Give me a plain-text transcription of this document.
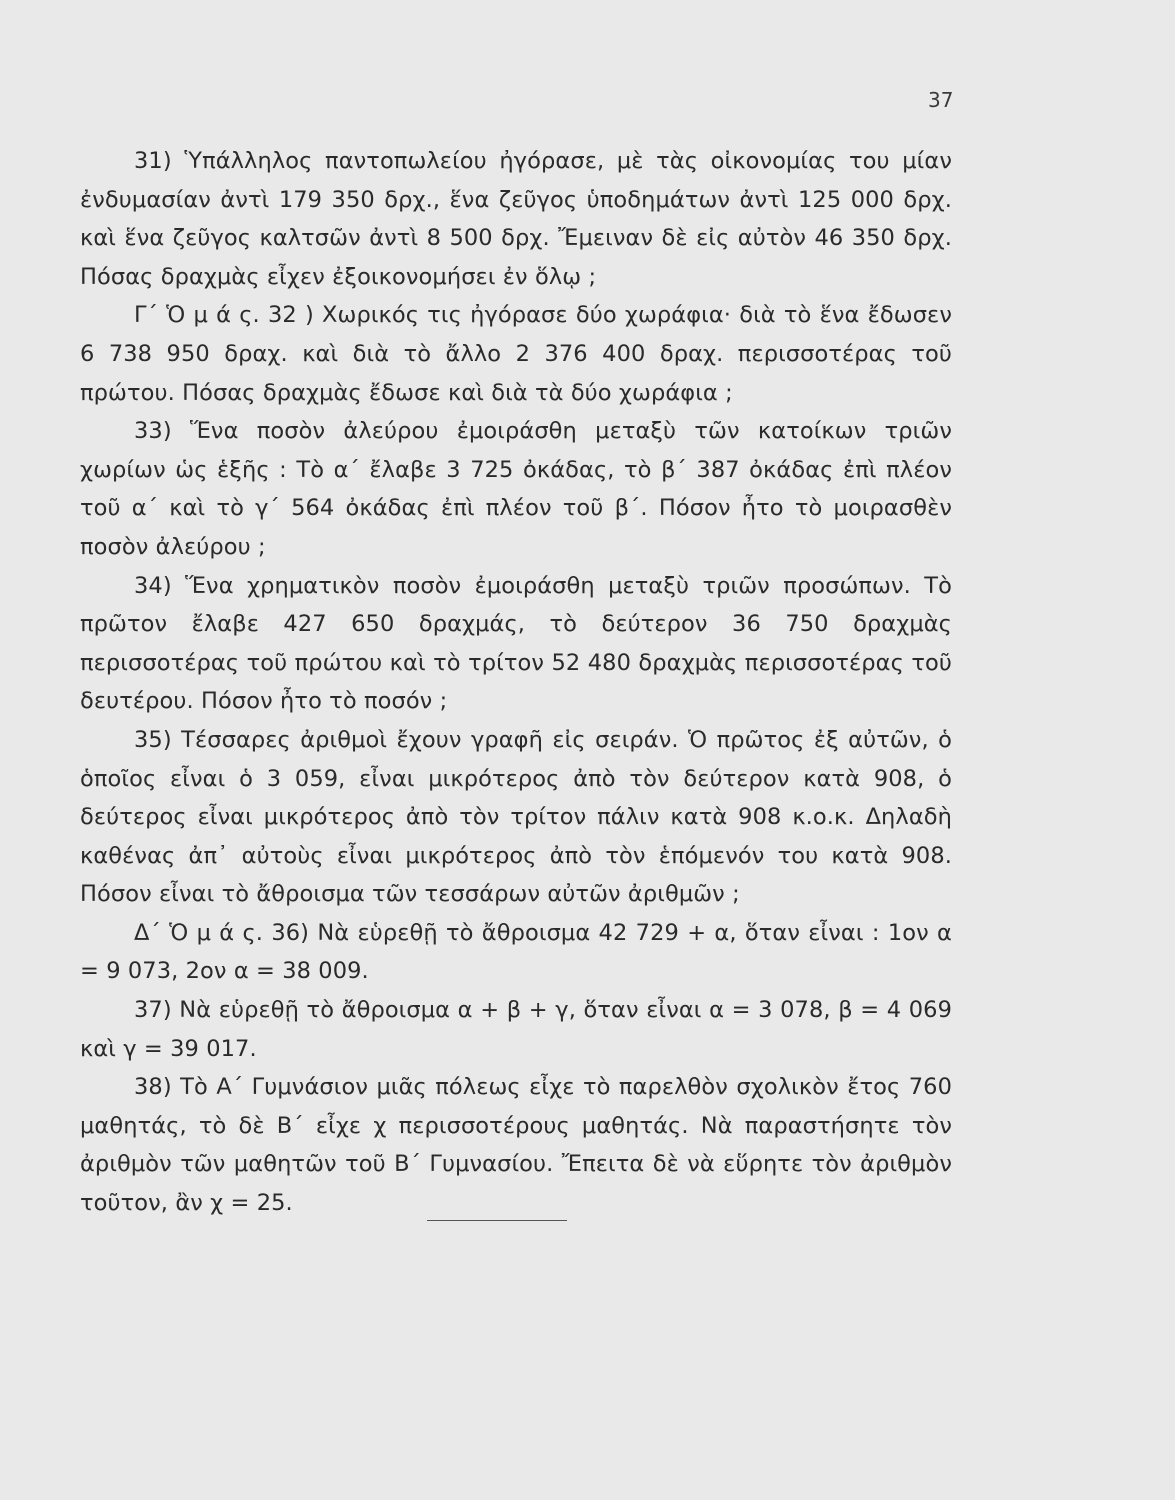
37

31) Ὑπάλληλος παντοπωλείου ἠγόρασε, μὲ τὰς οἰκονομίας του μίαν ἐνδυμασίαν ἀντὶ 179 350 δρχ., ἕνα ζεῦγος ὑποδημάτων ἀντὶ 125 000 δρχ. καὶ ἕνα ζεῦγος καλτσῶν ἀντὶ 8 500 δρχ. Ἔμειναν δὲ εἰς αὐτὸν 46 350 δρχ. Πόσας δραχμὰς εἶχεν ἐξοικονομήσει ἐν ὅλῳ ;

Γ΄ Ὁ μ ά ς. 32 ) Χωρικός τις ἠγόρασε δύο χωράφια· διὰ τὸ ἕνα ἔδωσεν 6 738 950 δραχ. καὶ διὰ τὸ ἄλλο 2 376 400 δραχ. περισσοτέρας τοῦ πρώτου. Πόσας δραχμὰς ἔδωσε καὶ διὰ τὰ δύο χωράφια ;

33) Ἕνα ποσὸν ἀλεύρου ἐμοιράσθη μεταξὺ τῶν κατοίκων τριῶν χωρίων ὡς ἑξῆς : Τὸ α΄ ἔλαβε 3 725 ὀκάδας, τὸ β΄ 387 ὀκάδας ἐπὶ πλέον τοῦ α΄ καὶ τὸ γ΄ 564 ὀκάδας ἐπὶ πλέον τοῦ β΄. Πόσον ἦτο τὸ μοιρασθὲν ποσὸν ἀλεύρου ;

34) Ἕνα χρηματικὸν ποσὸν ἐμοιράσθη μεταξὺ τριῶν προσώπων. Τὸ πρῶτον ἔλαβε 427 650 δραχμάς, τὸ δεύτερον 36 750 δραχμὰς περισσοτέρας τοῦ πρώτου καὶ τὸ τρίτον 52 480 δραχμὰς περισσοτέρας τοῦ δευτέρου. Πόσον ἦτο τὸ ποσόν ;

35) Τέσσαρες ἀριθμοὶ ἔχουν γραφῆ εἰς σειράν. Ὁ πρῶτος ἐξ αὐτῶν, ὁ ὁποῖος εἶναι ὁ 3 059, εἶναι μικρότερος ἀπὸ τὸν δεύτερον κατὰ 908, ὁ δεύτερος εἶναι μικρότερος ἀπὸ τὸν τρίτον πάλιν κατὰ 908 κ.ο.κ. Δηλαδὴ καθένας ἀπ᾽ αὐτοὺς εἶναι μικρότερος ἀπὸ τὸν ἑπόμενόν του κατὰ 908. Πόσον εἶναι τὸ ἄθροισμα τῶν τεσσάρων αὐτῶν ἀριθμῶν ;

Δ΄ Ὁ μ ά ς. 36) Νὰ εὑρεθῇ τὸ ἄθροισμα 42 729 + α, ὅταν εἶναι : 1ον α = 9 073, 2ον α = 38 009.

37) Νὰ εὑρεθῇ τὸ ἄθροισμα α + β + γ, ὅταν εἶναι α = 3 078, β = 4 069 καὶ γ = 39 017.

38) Τὸ Α΄ Γυμνάσιον μιᾶς πόλεως εἶχε τὸ παρελθὸν σχολικὸν ἔτος 760 μαθητάς, τὸ δὲ Β΄ εἶχε χ περισσοτέρους μαθητάς. Νὰ παραστήσητε τὸν ἀριθμὸν τῶν μαθητῶν τοῦ Β΄ Γυμνασίου. Ἔπειτα δὲ νὰ εὕρητε τὸν ἀριθμὸν τοῦτον, ἂν χ = 25.
